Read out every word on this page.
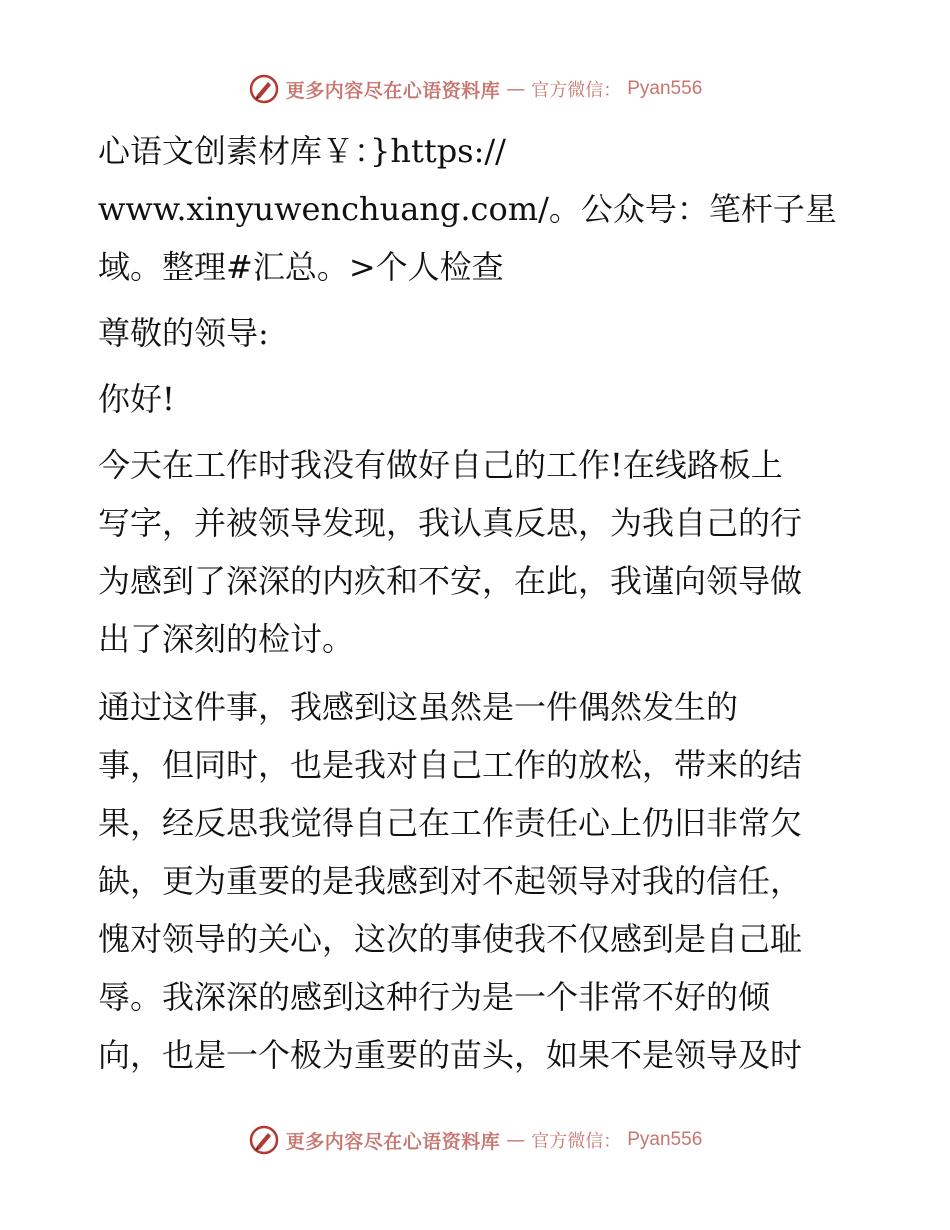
更多内容尽在心语资料库 — 官方微信： Pyan556
心语文创素材库￥：}https://
www.xinyuwenchuang.com/。公众号：笔杆子星
域。整理#汇总。>个人检查
尊敬的领导:
你好!
今天在工作时我没有做好自己的工作!在线路板上
写字，并被领导发现，我认真反思，为我自己的行
为感到了深深的内疚和不安，在此，我谨向领导做
出了深刻的检讨。
通过这件事，我感到这虽然是一件偶然发生的
事，但同时，也是我对自己工作的放松，带来的结
果，经反思我觉得自己在工作责任心上仍旧非常欠
缺，更为重要的是我感到对不起领导对我的信任，
愧对领导的关心，这次的事使我不仅感到是自己耻
辱。我深深的感到这种行为是一个非常不好的倾
向，也是一个极为重要的苗头，如果不是领导及时
更多内容尽在心语资料库 — 官方微信： Pyan556
